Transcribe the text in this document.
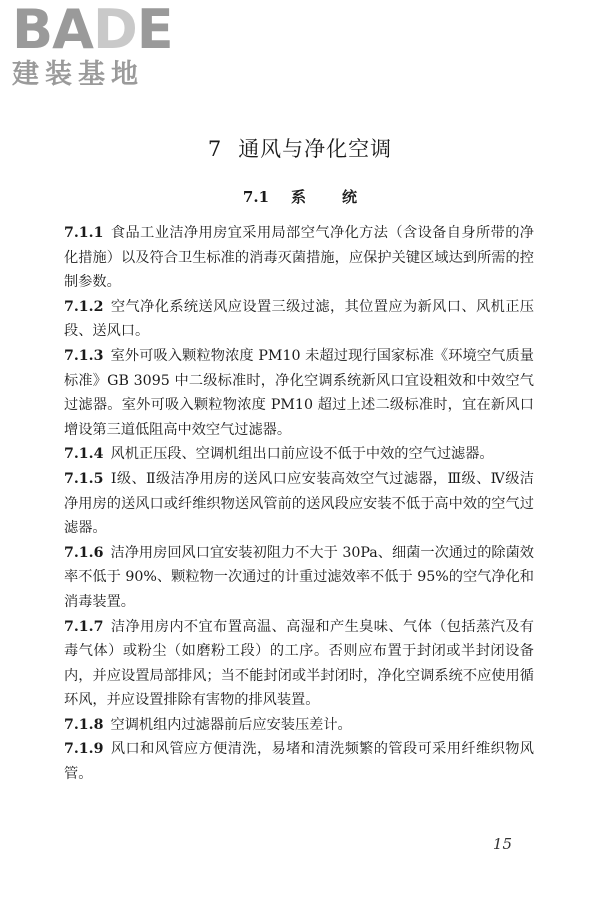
BADE
建装基地
7 通风与净化空调
7.1 系 统

7.1.1 食品工业洁净用房宜采用局部空气净化方法（含设备自身所带的净化措施）以及符合卫生标准的消毒灭菌措施，应保护关键区域达到所需的控制参数。

7.1.2 空气净化系统送风应设置三级过滤，其位置应为新风口、风机正压段、送风口。

7.1.3 室外可吸入颗粒物浓度 PM10 未超过现行国家标准《环境空气质量标准》GB 3095 中二级标准时，净化空调系统新风口宜设粗效和中效空气过滤器。室外可吸入颗粒物浓度 PM10 超过上述二级标准时，宜在新风口增设第三道低阻高中效空气过滤器。

7.1.4 风机正压段、空调机组出口前应设不低于中效的空气过滤器。

7.1.5 Ⅰ级、Ⅱ级洁净用房的送风口应安装高效空气过滤器，Ⅲ级、Ⅳ级洁净用房的送风口或纤维织物送风管前的送风段应安装不低于高中效的空气过滤器。

7.1.6 洁净用房回风口宜安装初阻力不大于 30Pa、细菌一次通过的除菌效率不低于 90%、颗粒物一次通过的计重过滤效率不低于 95%的空气净化和消毒装置。

7.1.7 洁净用房内不宜布置高温、高湿和产生臭味、气体（包括蒸汽及有毒气体）或粉尘（如磨粉工段）的工序。否则应布置于封闭或半封闭设备内，并应设置局部排风；当不能封闭或半封闭时，净化空调系统不应使用循环风，并应设置排除有害物的排风装置。

7.1.8 空调机组内过滤器前后应安装压差计。

7.1.9 风口和风管应方便清洗，易堵和清洗频繁的管段可采用纤维织物风管。

15
